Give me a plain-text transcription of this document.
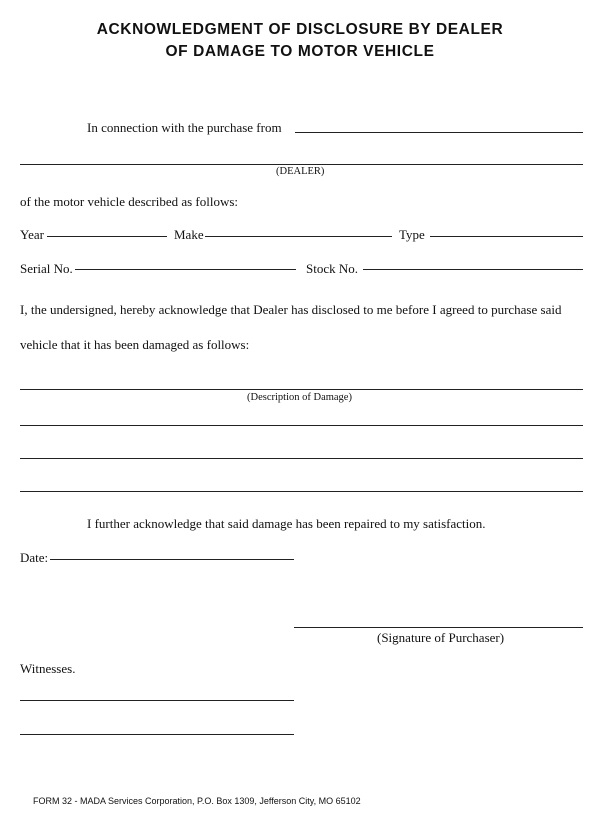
ACKNOWLEDGMENT OF DISCLOSURE BY DEALER
OF DAMAGE TO MOTOR VEHICLE
In connection with the purchase from
(DEALER)
of the motor vehicle described as follows:
Year	Make	Type
Serial No.	Stock No.
I, the undersigned, hereby acknowledge that Dealer has disclosed to me before I agreed to purchase said
vehicle that it has been damaged as follows:
(Description of Damage)
I further acknowledge that said damage has been repaired to my satisfaction.
Date:
(Signature of Purchaser)
Witnesses.
FORM 32 - MADA Services Corporation, P.O. Box 1309, Jefferson City, MO 65102
